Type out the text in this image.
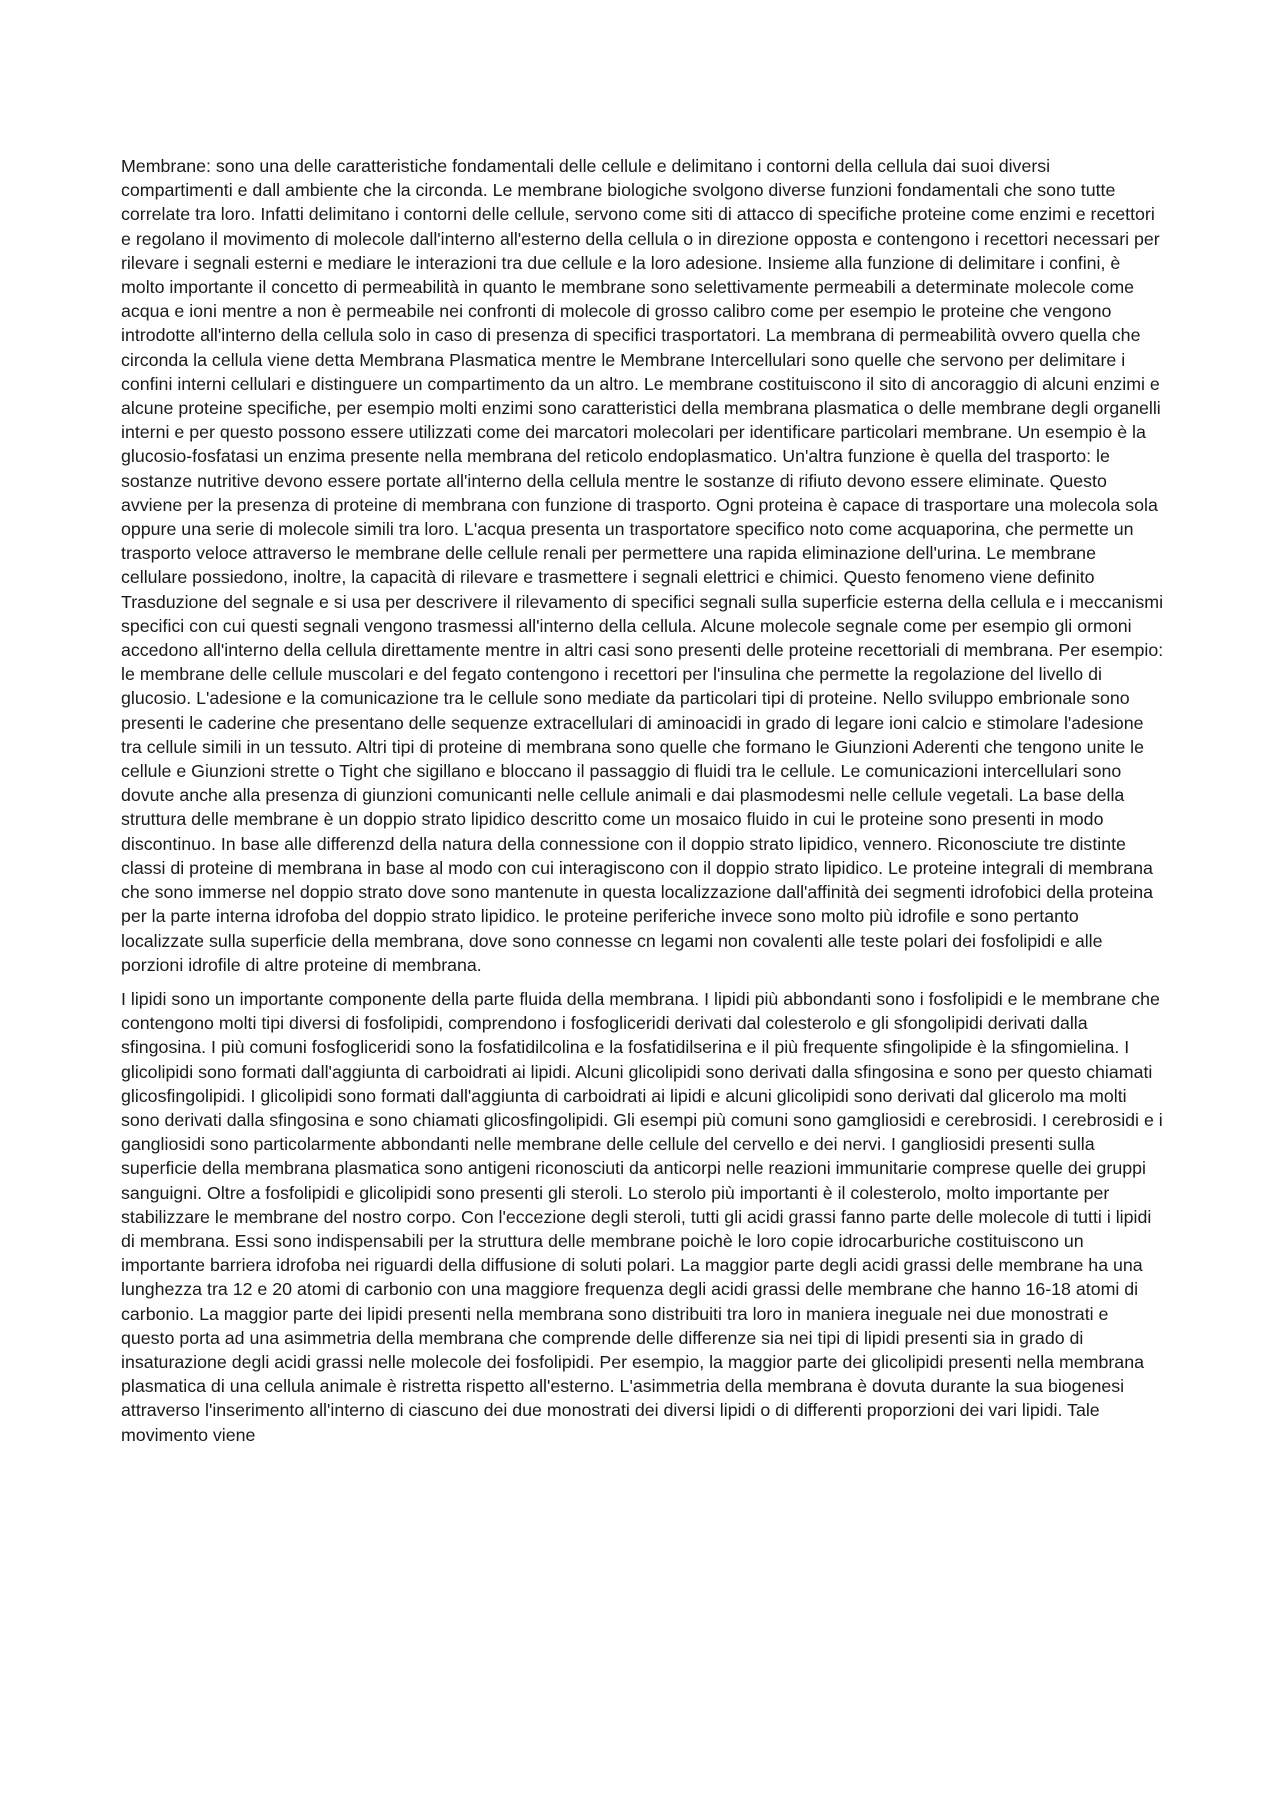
Membrane: sono una delle caratteristiche fondamentali delle cellule e delimitano i contorni della cellula dai suoi diversi compartimenti e dall ambiente che la circonda. Le membrane biologiche svolgono diverse funzioni fondamentali che sono tutte correlate tra loro. Infatti delimitano i contorni delle cellule, servono come siti di attacco di specifiche proteine come enzimi e recettori e regolano il movimento di molecole dall'interno all'esterno della cellula o in direzione opposta e contengono i recettori necessari per rilevare i segnali esterni e mediare le interazioni tra due cellule e la loro adesione. Insieme alla funzione di delimitare i confini, è molto importante il concetto di permeabilità in quanto le membrane sono selettivamente permeabili a determinate molecole come acqua e ioni mentre a non è permeabile nei confronti di molecole di grosso calibro come per esempio le proteine che vengono introdotte all'interno della cellula solo in caso di presenza di specifici trasportatori. La membrana di permeabilità ovvero quella che circonda la cellula viene detta Membrana Plasmatica mentre le Membrane Intercellulari sono quelle che servono per delimitare i confini interni cellulari e distinguere un compartimento da un altro. Le membrane costituiscono il sito di ancoraggio di alcuni enzimi e alcune proteine specifiche, per esempio molti enzimi sono caratteristici della membrana plasmatica o delle membrane degli organelli interni e per questo possono essere utilizzati come dei marcatori molecolari per identificare particolari membrane. Un esempio è la glucosio-fosfatasi un enzima presente nella membrana del reticolo endoplasmatico. Un'altra funzione è quella del trasporto: le sostanze nutritive devono essere portate all'interno della cellula mentre le sostanze di rifiuto devono essere eliminate. Questo avviene per la presenza di proteine di membrana con funzione di trasporto. Ogni proteina è capace di trasportare una molecola sola oppure una serie di molecole simili tra loro. L'acqua presenta un trasportatore specifico noto come acquaporina, che permette un trasporto veloce attraverso le membrane delle cellule renali per permettere una rapida eliminazione dell'urina. Le membrane cellulare possiedono, inoltre, la capacità di rilevare e trasmettere i segnali elettrici e chimici. Questo fenomeno viene definito Trasduzione del segnale e si usa per descrivere il rilevamento di specifici segnali sulla superficie esterna della cellula e i meccanismi specifici con cui questi segnali vengono trasmessi all'interno della cellula. Alcune molecole segnale come per esempio gli ormoni accedono all'interno della cellula direttamente mentre in altri casi sono presenti delle proteine recettoriali di membrana. Per esempio: le membrane delle cellule muscolari e del fegato contengono i recettori per l'insulina che permette la regolazione del livello di glucosio. L'adesione e la comunicazione tra le cellule sono mediate da particolari tipi di proteine. Nello sviluppo embrionale sono presenti le caderine che presentano delle sequenze extracellulari di aminoacidi in grado di legare ioni calcio e stimolare l'adesione tra cellule simili in un tessuto. Altri tipi di proteine di membrana sono quelle che formano le Giunzioni Aderenti che tengono unite le cellule e Giunzioni strette o Tight che sigillano e bloccano il passaggio di fluidi tra le cellule. Le comunicazioni intercellulari sono dovute anche alla presenza di giunzioni comunicanti nelle cellule animali e dai plasmodesmi nelle cellule vegetali. La base della struttura delle membrane è un doppio strato lipidico descritto come un mosaico fluido in cui le proteine sono presenti in modo discontinuo. In base alle differenzd della natura della connessione con il doppio strato lipidico, vennero. Riconosciute tre distinte classi di proteine di membrana in base al modo con cui interagiscono con il doppio strato lipidico. Le proteine integrali di membrana che sono immerse nel doppio strato dove sono mantenute in questa localizzazione dall'affinità dei segmenti idrofobici della proteina per la parte interna idrofoba del doppio strato lipidico. le proteine periferiche invece sono molto più idrofile e sono pertanto localizzate sulla superficie della membrana, dove sono connesse cn legami non covalenti alle teste polari dei fosfolipidi e alle porzioni idrofile di altre proteine di membrana.

I lipidi sono un importante componente della parte fluida della membrana. I lipidi più abbondanti sono i fosfolipidi e le membrane che contengono molti tipi diversi di fosfolipidi, comprendono i fosfogliceridi derivati dal colesterolo e gli sfongolipidi derivati dalla sfingosina. I più comuni fosfogliceridi sono la fosfatidilcolina e la fosfatidilserina e il più frequente sfingolipide è la sfingomielina. I glicolipidi sono formati dall'aggiunta di carboidrati ai lipidi. Alcuni glicolipidi sono derivati dalla sfingosina e sono per questo chiamati glicosfingolipidi. I glicolipidi sono formati dall'aggiunta di carboidrati ai lipidi e alcuni glicolipidi sono derivati dal glicerolo ma molti sono derivati dalla sfingosina e sono chiamati glicosfingolipidi. Gli esempi più comuni sono gamgliosidi e cerebrosidi. I cerebrosidi e i gangliosidi sono particolarmente abbondanti nelle membrane delle cellule del cervello e dei nervi. I gangliosidi presenti sulla superficie della membrana plasmatica sono antigeni riconosciuti da anticorpi nelle reazioni immunitarie comprese quelle dei gruppi sanguigni. Oltre a fosfolipidi e glicolipidi sono presenti gli steroli. Lo sterolo più importanti è il colesterolo, molto importante per stabilizzare le membrane del nostro corpo. Con l'eccezione degli steroli, tutti gli acidi grassi fanno parte delle molecole di tutti i lipidi di membrana. Essi sono indispensabili per la struttura delle membrane poichè le loro copie idrocarburiche costituiscono un importante barriera idrofoba nei riguardi della diffusione di soluti polari. La maggior parte degli acidi grassi delle membrane ha una lunghezza tra 12 e 20 atomi di carbonio con una maggiore frequenza degli acidi grassi delle membrane che hanno 16-18 atomi di carbonio. La maggior parte dei lipidi presenti nella membrana sono distribuiti tra loro in maniera ineguale nei due monostrati e questo porta ad una asimmetria della membrana che comprende delle differenze sia nei tipi di lipidi presenti sia in grado di insaturazione degli acidi grassi nelle molecole dei fosfolipidi. Per esempio, la maggior parte dei glicolipidi presenti nella membrana plasmatica di una cellula animale è ristretta rispetto all'esterno. L'asimmetria della membrana è dovuta durante la sua biogenesi attraverso l'inserimento all'interno di ciascuno dei due monostrati dei diversi lipidi o di differenti proporzioni dei vari lipidi. Tale movimento viene
